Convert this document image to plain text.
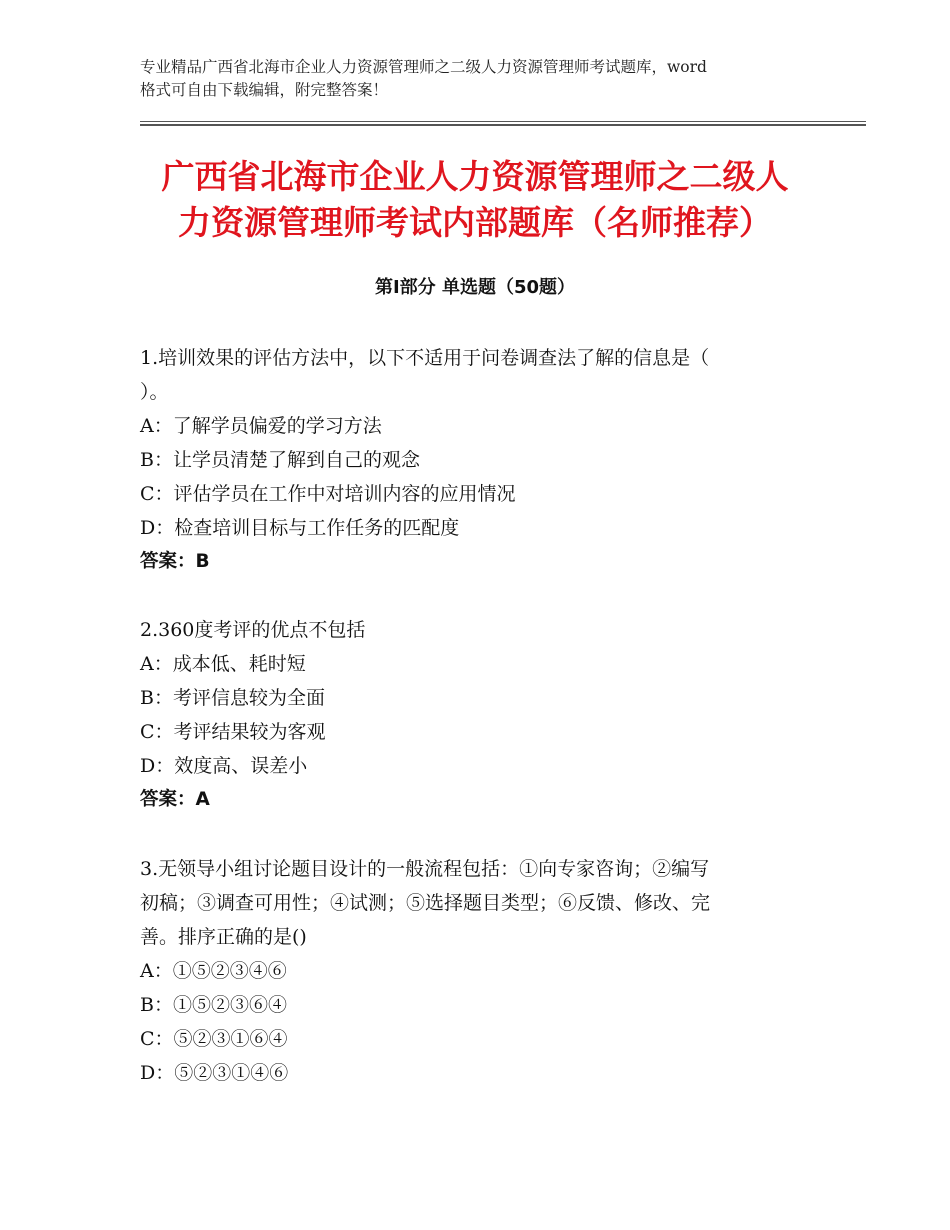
专业精品广西省北海市企业人力资源管理师之二级人力资源管理师考试题库，word
格式可自由下载编辑，附完整答案！
广西省北海市企业人力资源管理师之二级人
力资源管理师考试内部题库（名师推荐）
第Ⅰ部分 单选题（50题）

1.培训效果的评估方法中，以下不适用于问卷调查法了解的信息是（
）。

A：了解学员偏爱的学习方法

B：让学员清楚了解到自己的观念

C：评估学员在工作中对培训内容的应用情况

D：检查培训目标与工作任务的匹配度

答案：B

2.360度考评的优点不包括

A：成本低、耗时短

B：考评信息较为全面

C：考评结果较为客观

D：效度高、误差小

答案：A

3.无领导小组讨论题目设计的一般流程包括：①向专家咨询；②编写
初稿；③调查可用性；④试测；⑤选择题目类型；⑥反馈、修改、完
善。排序正确的是()

A：①⑤②③④⑥

B：①⑤②③⑥④

C：⑤②③①⑥④

D：⑤②③①④⑥
